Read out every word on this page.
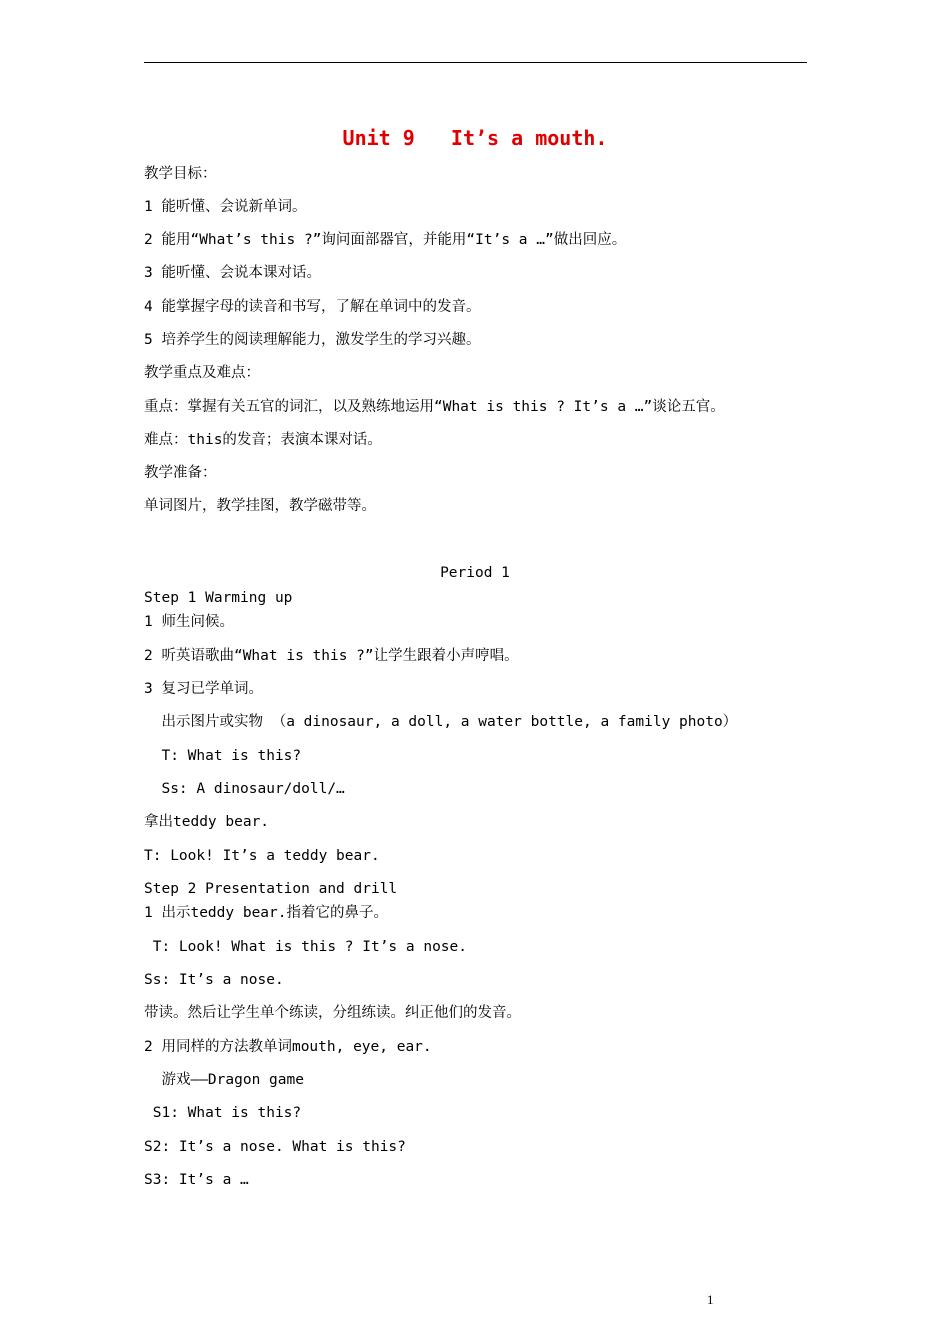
Unit 9   It’s a mouth.
教学目标：
1 能听懂、会说新单词。
2 能用“What’s this ?”询问面部器官，并能用“It’s a …”做出回应。
3 能听懂、会说本课对话。
4 能掌握字母的读音和书写，了解在单词中的发音。
5 培养学生的阅读理解能力，激发学生的学习兴趣。
教学重点及难点：
重点：掌握有关五官的词汇，以及熟练地运用“What is this ? It’s a …”谈论五官。
难点：this的发音；表演本课对话。
教学准备：
单词图片，教学挂图，教学磁带等。
Period 1
Step 1 Warming up
1 师生问候。
2 听英语歌曲“What is this ?”让学生跟着小声哼唱。
3 复习已学单词。
出示图片或实物 （a dinosaur, a doll, a water bottle, a family photo）
T: What is this?
Ss: A dinosaur/doll/…
拿出teddy bear.
T: Look! It’s a teddy bear.
Step 2 Presentation and drill
1 出示teddy bear.指着它的鼻子。
T: Look! What is this ? It’s a nose.
Ss: It’s a nose.
带读。然后让学生单个练读，分组练读。纠正他们的发音。
2 用同样的方法教单词mouth, eye, ear.
游戏——Dragon game
S1: What is this?
S2: It’s a nose. What is this?
S3: It’s a …
1
